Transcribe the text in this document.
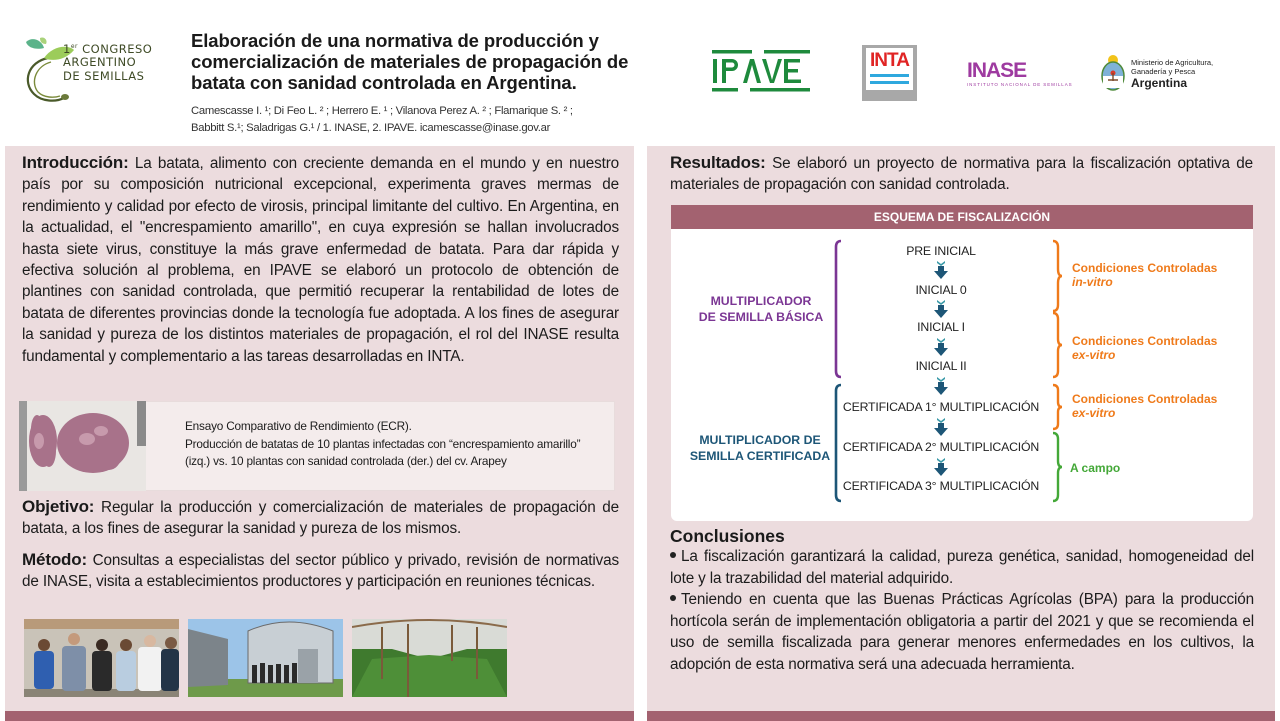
1er CONGRESO
ARGENTINO
DE SEMILLAS
Elaboración de una normativa de producción y comercialización de materiales de propagación de batata con sanidad controlada en Argentina.
Camescasse I. ¹; Di Feo L. ² ; Herrero E. ¹ ; Vilanova Perez A. ² ; Flamarique S. ² ;
Babbitt S.¹; Saladrigas G.¹ / 1. INASE, 2. IPAVE. icamescasse@inase.gov.ar
INTA	INASE
INSTITUTO NACIONAL DE SEMILLAS
Ministerio de Agricultura,
Ganadería y Pesca
Argentina
Introducción: La batata, alimento con creciente demanda en el mundo y en nuestro país por su composición nutricional excepcional, experimenta graves mermas de rendimiento y calidad por efecto de virosis, principal limitante del cultivo. En Argentina, en la actualidad, el "encrespamiento amarillo", en cuya expresión se hallan involucrados hasta siete virus, constituye la más grave enfermedad de batata. Para dar rápida y efectiva solución al problema, en IPAVE se elaboró un protocolo de obtención de plantines con sanidad controlada, que permitió recuperar la rentabilidad de lotes de batata de diferentes provincias donde la tecnología fue adoptada. A los fines de asegurar la sanidad y pureza de los distintos materiales de propagación, el rol del INASE resulta fundamental y complementario a las tareas desarrolladas en INTA.
Ensayo Comparativo de Rendimiento (ECR).
Producción de batatas de 10 plantas infectadas con “encrespamiento amarillo”
(izq.) vs. 10 plantas con sanidad controlada (der.) del cv. Arapey
Objetivo: Regular la producción y comercialización de materiales de propagación de batata, a los fines de asegurar la sanidad y pureza de los mismos.
Método: Consultas a especialistas del sector público y privado, revisión de normativas de INASE, visita a establecimientos productores y participación en reuniones técnicas.
Resultados: Se elaboró un proyecto de normativa para la fiscalización optativa de materiales de propagación con sanidad controlada.
ESQUEMA DE FISCALIZACIÓN
PRE INICIAL
INICIAL 0
INICIAL I
INICIAL II
CERTIFICADA 1° MULTIPLICACIÓN
CERTIFICADA 2° MULTIPLICACIÓN
CERTIFICADA 3° MULTIPLICACIÓN
MULTIPLICADOR
DE SEMILLA BÁSICA
MULTIPLICADOR DE
SEMILLA CERTIFICADA
Condiciones Controladas
in-vitro
Condiciones Controladas
ex-vitro
Condiciones Controladas
ex-vitro
A campo
Conclusiones
La fiscalización garantizará la calidad, pureza genética, sanidad, homogeneidad del lote y la trazabilidad del material adquirido.
Teniendo en cuenta que las Buenas Prácticas Agrícolas (BPA) para la producción hortícola serán de implementación obligatoria a partir del 2021 y que se recomienda el uso de semilla fiscalizada para generar menores enfermedades en los cultivos, la adopción de esta normativa será una adecuada herramienta.
